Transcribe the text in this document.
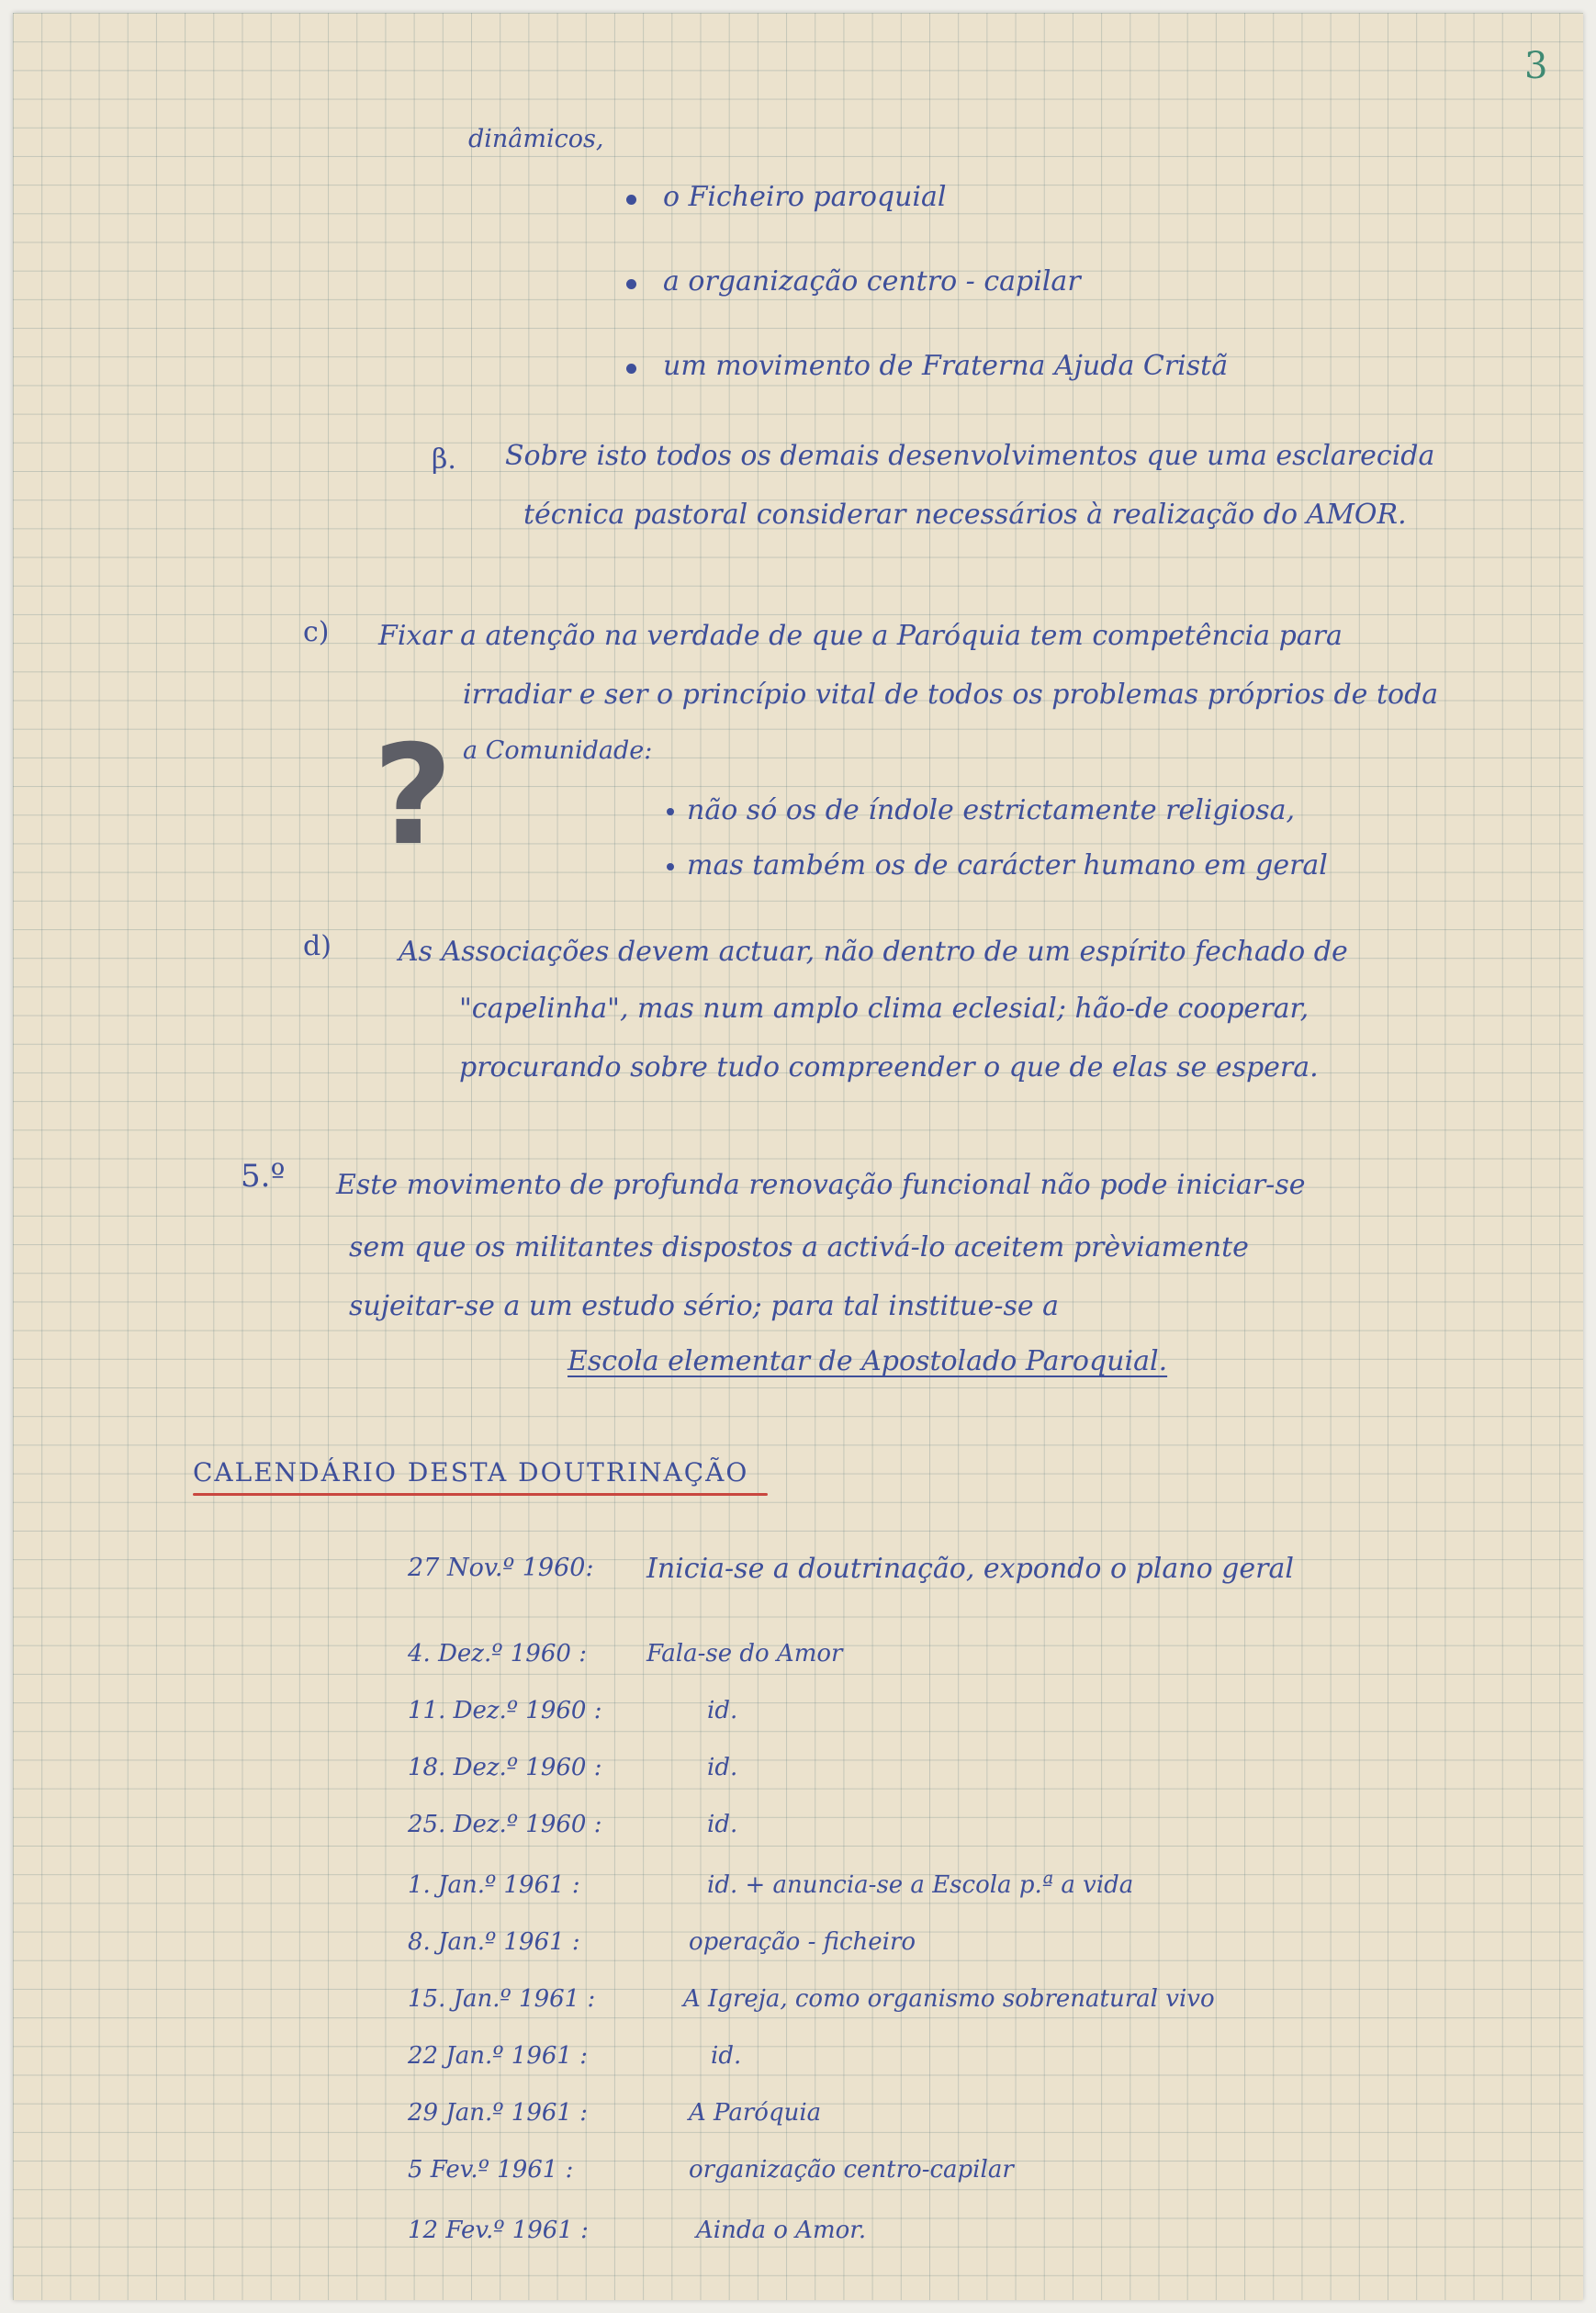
3
dinâmicos,
o Ficheiro paroquial
a organização centro - capilar
um movimento de Fraterna Ajuda Cristã
β. Sobre isto todos os demais desenvolvimentos que uma esclarecida
técnica pastoral considerar necessários à realização do AMOR.
c) Fixar a atenção na verdade de que a Paróquia tem competência para
irradiar e ser o princípio vital de todos os problemas próprios de toda
a Comunidade:
?	não só os de índole estrictamente religiosa,
mas também os de carácter humano em geral
d) As Associações devem actuar, não dentro de um espírito fechado de
"capelinha", mas num amplo clima eclesial; hão-de cooperar,
procurando sobre tudo compreender o que de elas se espera.
5.º Este movimento de profunda renovação funcional não pode iniciar-se
sem que os militantes dispostos a activá-lo aceitem prèviamente
sujeitar-se a um estudo sério; para tal institue-se a
Escola elementar de Apostolado Paroquial.
CALENDÁRIO DESTA DOUTRINAÇÃO
27 Nov.º 1960: Inicia-se a doutrinação, expondo o plano geral
4. Dez.º 1960 :	Fala-se do Amor
11. Dez.º 1960 :	id.
18. Dez.º 1960 :	id.
25. Dez.º 1960 :	id.
1. Jan.º 1961 :	id. + anuncia-se a Escola p.ª a vida
8. Jan.º 1961 :	operação - ficheiro
15. Jan.º 1961 :	A Igreja, como organismo sobrenatural vivo
22 Jan.º 1961 :	id.
29 Jan.º 1961 :	A Paróquia
5 Fev.º 1961 :	organização centro-capilar
12 Fev.º 1961 :	Ainda o Amor.
